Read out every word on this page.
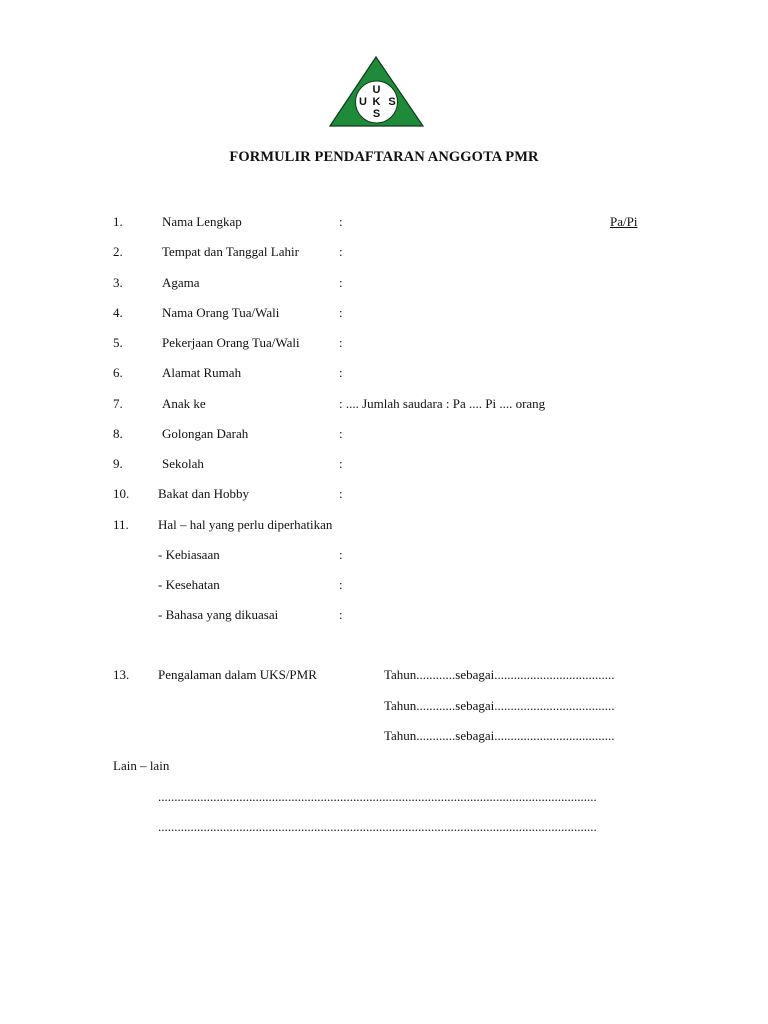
U
U K S
S
FORMULIR PENDAFTARAN ANGGOTA PMR
1.	Nama Lengkap	:	Pa/Pi
2.	Tempat dan Tanggal Lahir	:
3.	Agama	:
4.	Nama Orang Tua/Wali	:
5.	Pekerjaan Orang Tua/Wali	:
6.	Alamat Rumah	:
7.	Anak ke	: .... Jumlah saudara : Pa .... Pi .... orang
8.	Golongan Darah	:
9.	Sekolah	:
10. Bakat dan Hobby	:
11. Hal – hal yang perlu diperhatikan
- Kebiasaan	:
- Kesehatan	:
- Bahasa yang dikuasai	:
13. Pengalaman dalam UKS/PMR	Tahun............sebagai.....................................
Tahun............sebagai.....................................
Tahun............sebagai.....................................
Lain – lain
.......................................................................................................................................
.......................................................................................................................................
